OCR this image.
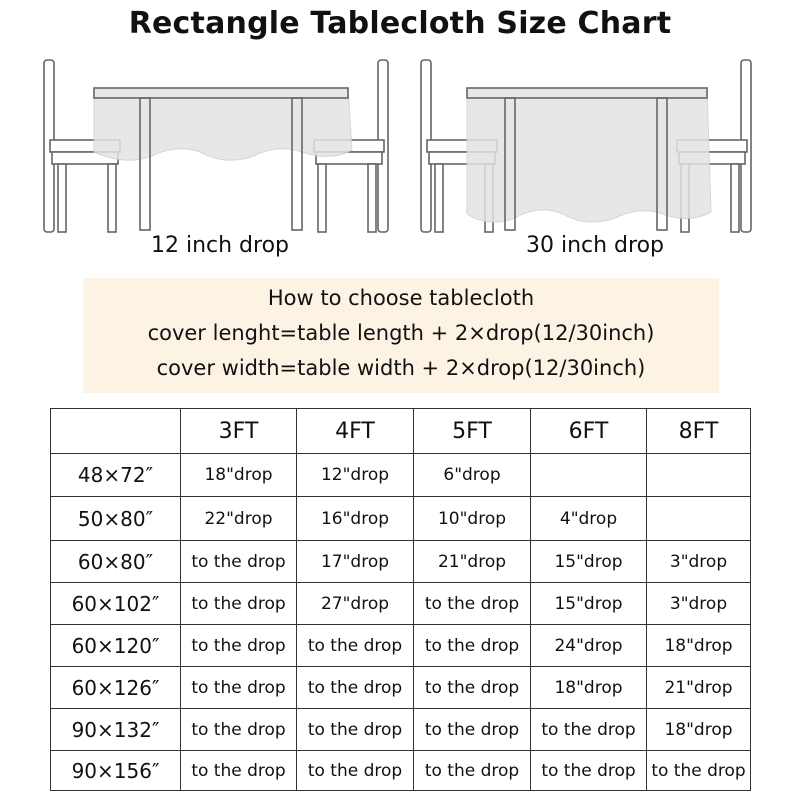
Rectangle Tablecloth Size Chart
12 inch drop	30 inch drop
How to choose tablecloth
cover lenght=table length + 2×drop(12/30inch)
cover width=table width + 2×drop(12/30inch)
	3FT	4FT	5FT	6FT	8FT
48×72″	18"drop	12"drop	6"drop		
50×80″	22"drop	16"drop	10"drop	4"drop	
60×80″	to the drop	17"drop	21"drop	15"drop	3"drop
60×102″	to the drop	27"drop	to the drop	15"drop	3"drop
60×120″	to the drop	to the drop	to the drop	24"drop	18"drop
60×126″	to the drop	to the drop	to the drop	18"drop	21"drop
90×132″	to the drop	to the drop	to the drop	to the drop	18"drop
90×156″	to the drop	to the drop	to the drop	to the drop	to the drop
